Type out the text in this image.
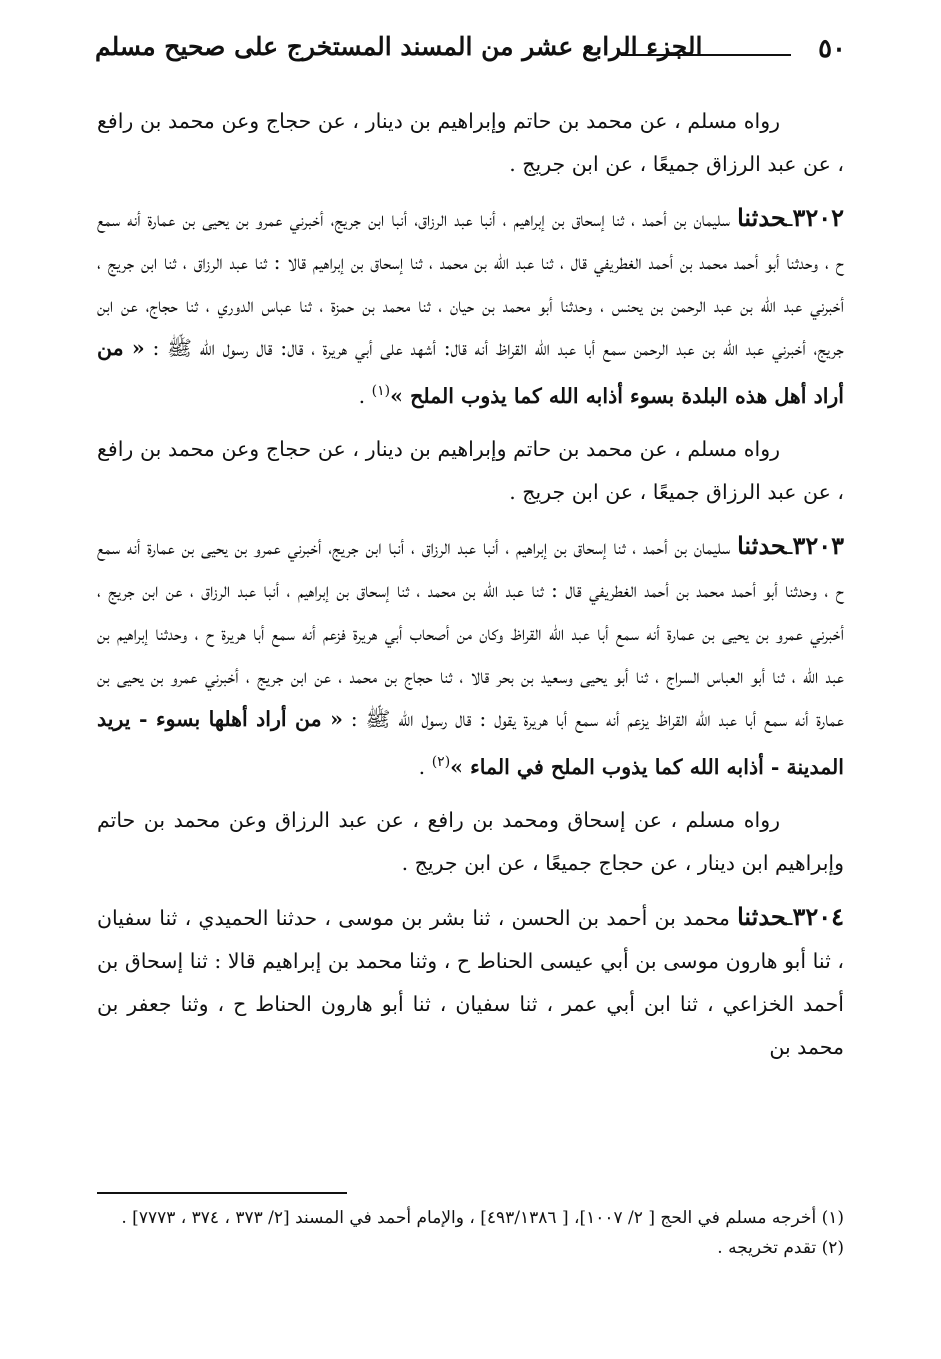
٥٠
الجزء الرابع عشر من المسند المستخرج على صحيح مسلم

رواه مسلم ، عن محمد بن حاتم وإبراهيم بن دينار ، عن حجاج وعن محمد بن رافع ، عن عبد الرزاق جميعًا ، عن ابن جريج .

٣٢٠٢ـحدثنا سليمان بن أحمد ، ثنا إسحاق بن إبراهيم ، أنبا عبد الرزاق، أنبا ابن جريج، أخبرني عمرو بن يحيى بن عمارة أنه سمع ح ، وحدثنا أبو أحمد محمد بن أحمد الغطريفي قال ، ثنا عبد الله بن محمد ، ثنا إسحاق بن إبراهيم قالا : ثنا عبد الرزاق ، ثنا ابن جريج ، أخبرني عبد الله بن عبد الرحمن بن يحنس ، وحدثنا أبو محمد بن حيان ، ثنا محمد بن حمزة ، ثنا عباس الدوري ، ثنا حجاج، عن ابن جريج، أخبرني عبد الله بن عبد الرحمن سمع أبا عبد الله القراظ أنه قال: أشهد على أبي هريرة ، قال: قال رسول الله ﷺ : « من أراد أهل هذه البلدة بسوء أذابه الله كما يذوب الملح »$^{(١)}$ .

رواه مسلم ، عن محمد بن حاتم وإبراهيم بن دينار ، عن حجاج وعن محمد بن رافع ، عن عبد الرزاق جميعًا ، عن ابن جريج .

٣٢٠٣ـحدثنا سليمان بن أحمد ، ثنا إسحاق بن إبراهيم ، أنبا عبد الرزاق ، أنبا ابن جريج، أخبرني عمرو بن يحيى بن عمارة أنه سمع ح ، وحدثنا أبو أحمد محمد بن أحمد الغطريفي قال : ثنا عبد الله بن محمد ، ثنا إسحاق بن إبراهيم ، أنبا عبد الرزاق ، عن ابن جريج ، أخبرني عمرو بن يحيى بن عمارة أنه سمع أبا عبد الله القراظ وكان من أصحاب أبي هريرة فزعم أنه سمع أبا هريرة ح ، وحدثنا إبراهيم بن عبد الله ، ثنا أبو العباس السراج ، ثنا أبو يحيى وسعيد بن بحر قالا ، ثنا حجاج بن محمد ، عن ابن جريج ، أخبرني عمرو بن يحيى بن عمارة أنه سمع أبا عبد الله القراظ يزعم أنه سمع أبا هريرة يقول : قال رسول الله ﷺ : « من أراد أهلها بسوء - يريد المدينة - أذابه الله كما يذوب الملح في الماء »$^{(٢)}$ .

رواه مسلم ، عن إسحاق ومحمد بن رافع ، عن عبد الرزاق وعن محمد بن حاتم وإبراهيم ابن دينار ، عن حجاج جميعًا ، عن ابن جريج .

٣٢٠٤ـحدثنا محمد بن أحمد بن الحسن ، ثنا بشر بن موسى ، حدثنا الحميدي ، ثنا سفيان ، ثنا أبو هارون موسى بن أبي عيسى الحناط ح ، وثنا محمد بن إبراهيم قالا : ثنا إسحاق بن أحمد الخزاعي ، ثنا ابن أبي عمر ، ثنا سفيان ، ثنا أبو هارون الحناط ح ، وثنا جعفر بن محمد بن

(١) أخرجه مسلم في الحج [ ٢/ ١٠٠٧]، [ ٤٩٣/١٣٨٦] ، والإمام أحمد في المسند [٢/ ٣٧٣ ، ٣٧٤ ، ٧٧٧٣] .

(٢) تقدم تخريجه .
